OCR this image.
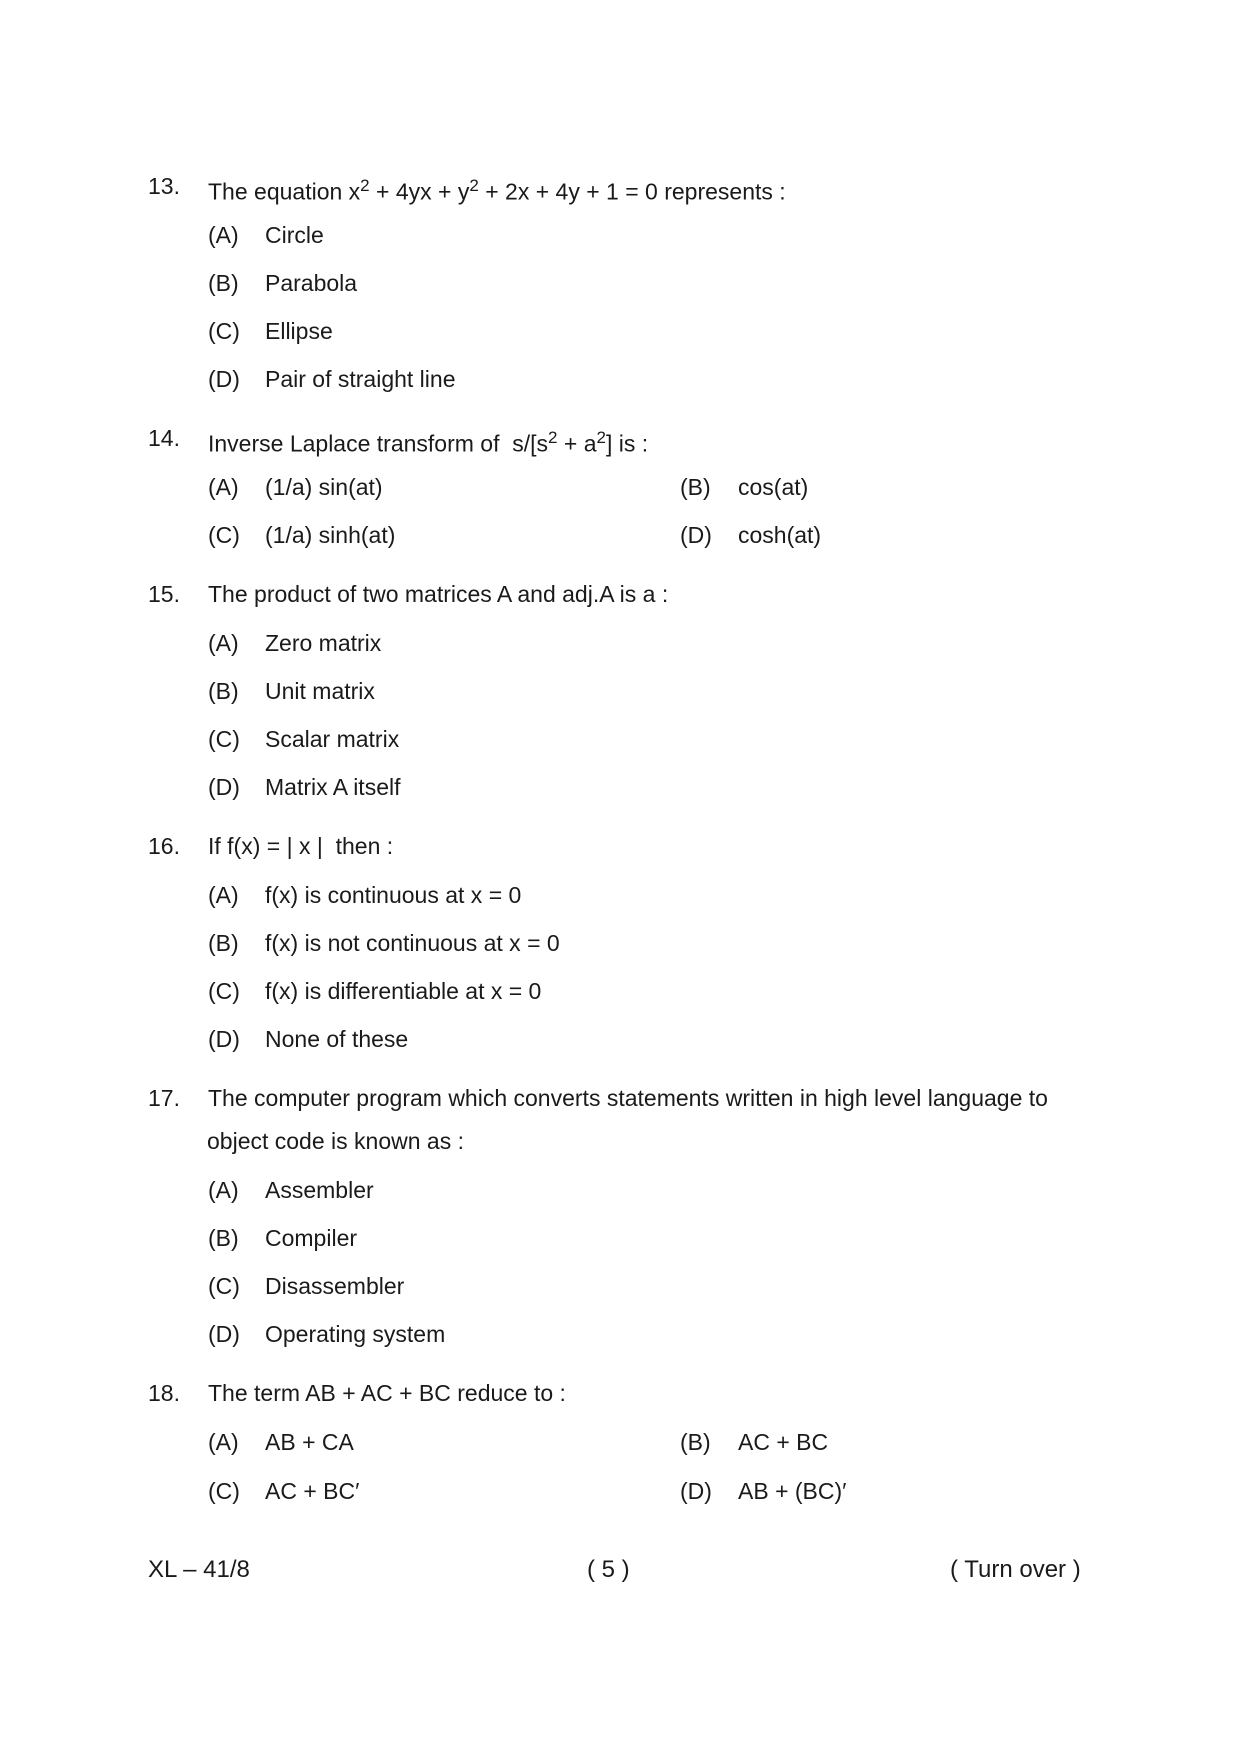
13.	The equation $x^2 + 4yx + y^2 + 2x + 4y + 1 = 0$ represents :
(A) Circle
(B) Parabola
(C) Ellipse
(D) Pair of straight line
14.	Inverse Laplace transform of  $s/[s^2 + a^2]$ is :
(A) (1/a) sin(at)	(B) cos(at)
(C) (1/a) sinh(at)	(D) cosh(at)
15.	The product of two matrices A and adj.A is a :
(A) Zero matrix
(B) Unit matrix
(C) Scalar matrix
(D) Matrix A itself
16.	If f(x) = | x |  then :
(A) f(x) is continuous at x = 0
(B) f(x) is not continuous at x = 0
(C) f(x) is differentiable at x = 0
(D) None of these
17.	The computer program which converts statements written in high level language to
object code is known as :
(A) Assembler
(B) Compiler
(C) Disassembler
(D) Operating system
18.	The term AB + AC + BC reduce to :
(A) AB + CA	(B) AC + BC
(C) AC + BC′	(D) AB + (BC)′
XL – 41/8	( 5 )	( Turn over )
